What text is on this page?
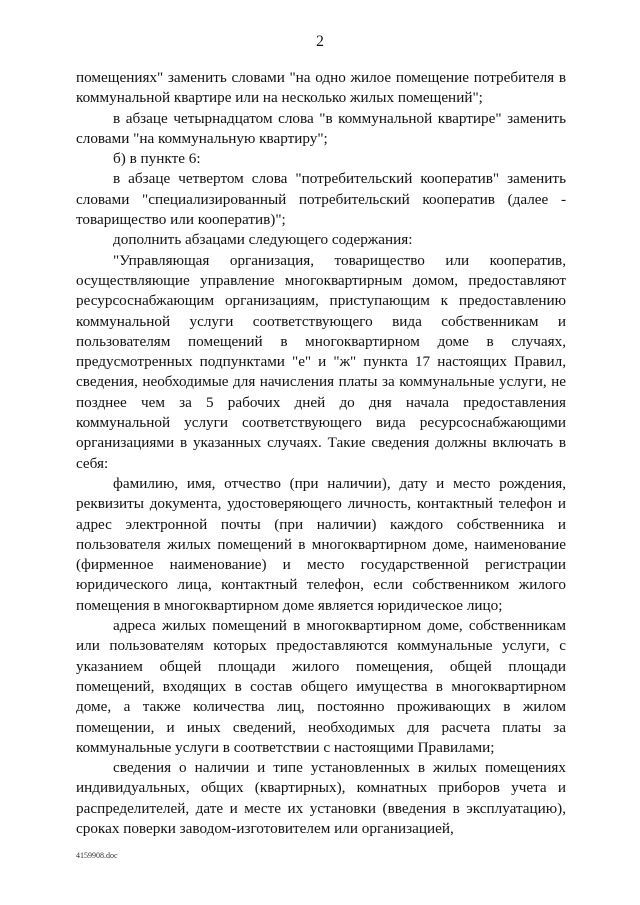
2

помещениях" заменить словами "на одно жилое помещение потребителя в коммунальной квартире или на несколько жилых помещений";

в абзаце четырнадцатом слова "в коммунальной квартире" заменить словами "на коммунальную квартиру";

б) в пункте 6:

в абзаце четвертом слова "потребительский кооператив" заменить словами "специализированный потребительский кооператив (далее - товарищество или кооператив)";

дополнить абзацами следующего содержания:

"Управляющая организация, товарищество или кооператив, осуществляющие управление многоквартирным домом, предоставляют ресурсоснабжающим организациям, приступающим к предоставлению коммунальной услуги соответствующего вида собственникам и пользователям помещений в многоквартирном доме в случаях, предусмотренных подпунктами "е" и "ж" пункта 17 настоящих Правил, сведения, необходимые для начисления платы за коммунальные услуги, не позднее чем за 5 рабочих дней до дня начала предоставления коммунальной услуги соответствующего вида ресурсоснабжающими организациями в указанных случаях. Такие сведения должны включать в себя:

фамилию, имя, отчество (при наличии), дату и место рождения, реквизиты документа, удостоверяющего личность, контактный телефон и адрес электронной почты (при наличии) каждого собственника и пользователя жилых помещений в многоквартирном доме, наименование (фирменное наименование) и место государственной регистрации юридического лица, контактный телефон, если собственником жилого помещения в многоквартирном доме является юридическое лицо;

адреса жилых помещений в многоквартирном доме, собственникам или пользователям которых предоставляются коммунальные услуги, с указанием общей площади жилого помещения, общей площади помещений, входящих в состав общего имущества в многоквартирном доме, а также количества лиц, постоянно проживающих в жилом помещении, и иных сведений, необходимых для расчета платы за коммунальные услуги в соответствии с настоящими Правилами;

сведения о наличии и типе установленных в жилых помещениях индивидуальных, общих (квартирных), комнатных приборов учета и распределителей, дате и месте их установки (введения в эксплуатацию), сроках поверки заводом-изготовителем или организацией,

4159908.doc
